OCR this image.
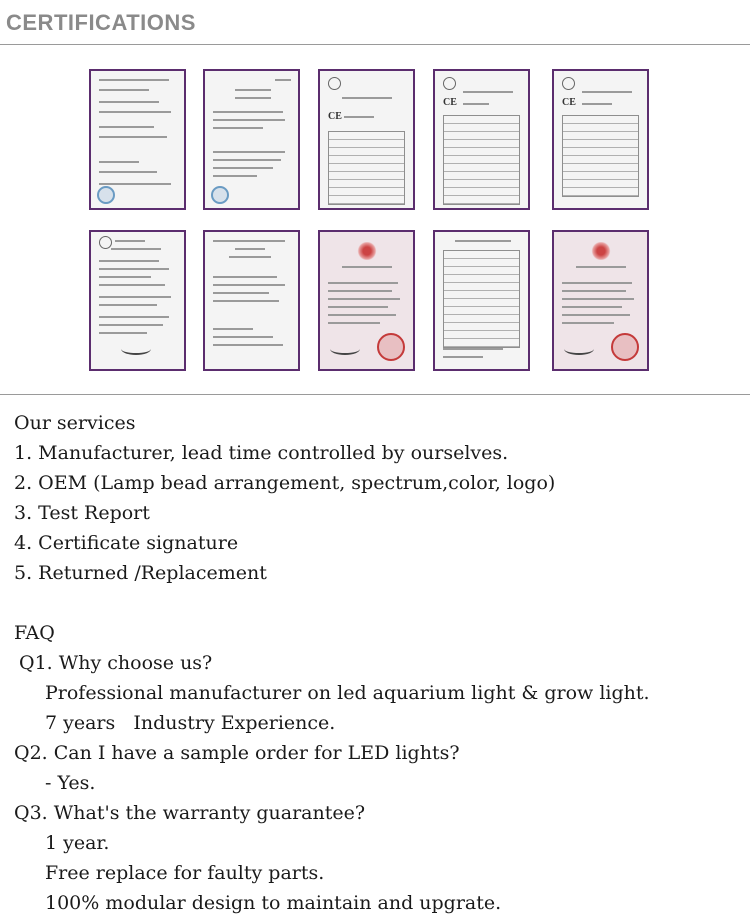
CERTIFICATIONS
CE
CE	CE
Our services
1. Manufacturer, lead time controlled by ourselves.
2. OEM (Lamp bead arrangement, spectrum,color, logo)
3. Test Report
4. Certificate signature
5. Returned /Replacement
FAQ
Q1. Why choose us?
Professional manufacturer on led aquarium light & grow light.
7 years   Industry Experience.
Q2. Can I have a sample order for LED lights?
- Yes.
Q3. What's the warranty guarantee?
1 year.
Free replace for faulty parts.
100% modular design to maintain and upgrate.
